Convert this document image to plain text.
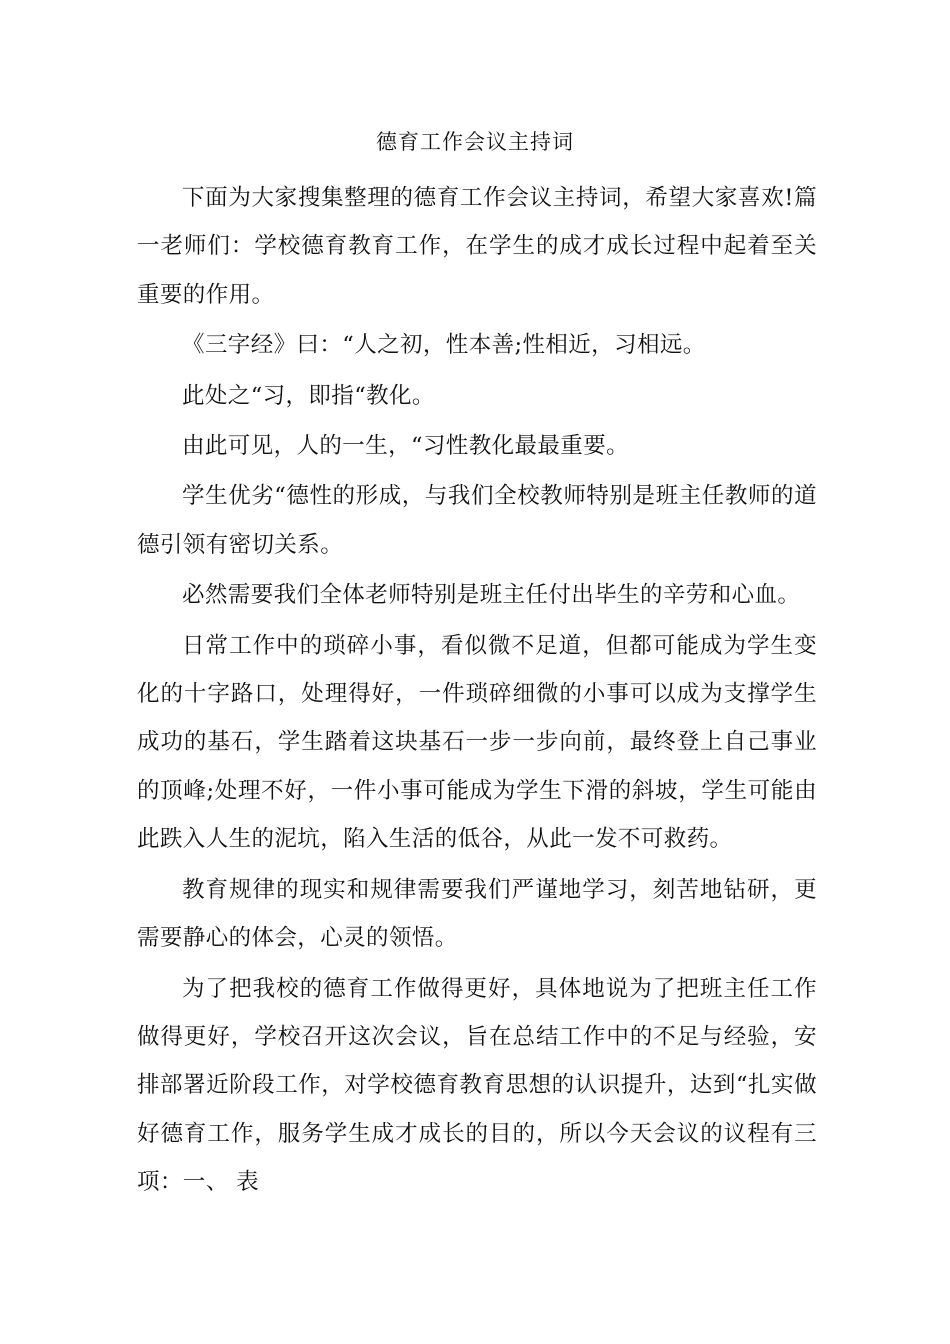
德育工作会议主持词

下面为大家搜集整理的德育工作会议主持词，希望大家喜欢!篇一老师们：学校德育教育工作，在学生的成才成长过程中起着至关重要的作用。

《三字经》曰：“人之初，性本善;性相近，习相远。

此处之“习，即指“教化。

由此可见，人的一生，“习性教化最最重要。

学生优劣“德性的形成，与我们全校教师特别是班主任教师的道德引领有密切关系。

必然需要我们全体老师特别是班主任付出毕生的辛劳和心血。

日常工作中的琐碎小事，看似微不足道，但都可能成为学生变化的十字路口，处理得好，一件琐碎细微的小事可以成为支撑学生成功的基石，学生踏着这块基石一步一步向前，最终登上自己事业的顶峰;处理不好，一件小事可能成为学生下滑的斜坡，学生可能由此跌入人生的泥坑，陷入生活的低谷，从此一发不可救药。

教育规律的现实和规律需要我们严谨地学习，刻苦地钻研，更需要静心的体会，心灵的领悟。

为了把我校的德育工作做得更好，具体地说为了把班主任工作做得更好，学校召开这次会议，旨在总结工作中的不足与经验，安排部署近阶段工作，对学校德育教育思想的认识提升，达到“扎实做好德育工作，服务学生成才成长的目的，所以今天会议的议程有三项：一、 表
